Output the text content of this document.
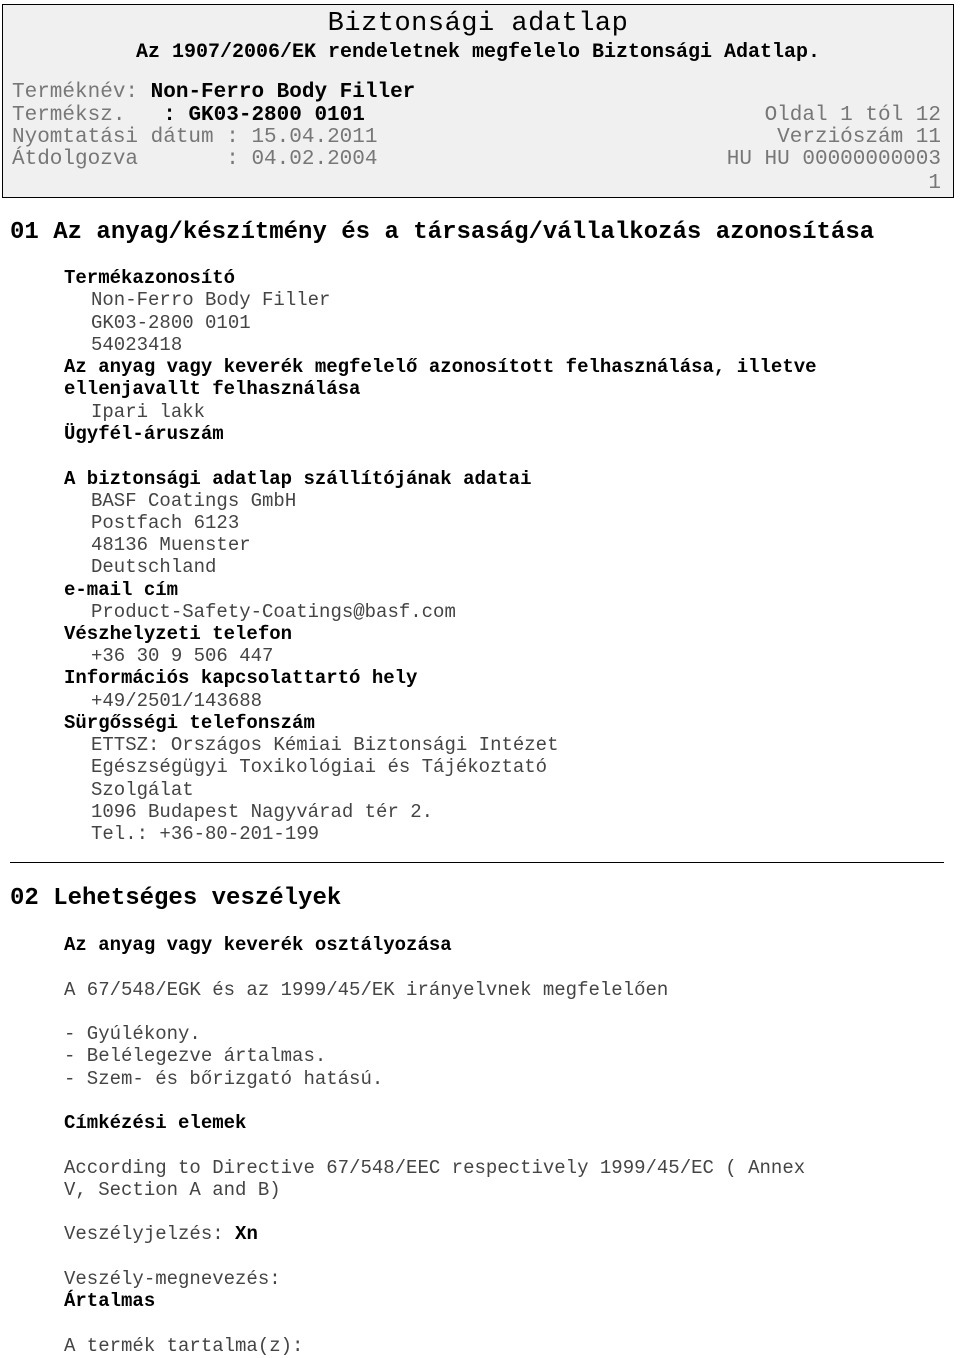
Biztonsági adatlap
Az 1907/2006/EK rendeletnek megfelelo Biztonsági Adatlap.
Terméknév: Non-Ferro Body Filler
Terméksz. : GK03-2800 0101	Oldal 1 tól 12
Nyomtatási dátum : 15.04.2011	Verziószám 11
Átdolgozva	: 04.02.2004	HU HU 00000000003
1
01 Az anyag/készítmény és a társaság/vállalkozás azonosítása
Termékazonosító
Non-Ferro Body Filler
GK03-2800 0101
54023418
Az anyag vagy keverék megfelelő azonosított felhasználása, illetve
ellenjavallt felhasználása
Ipari lakk
Ügyfél-áruszám
A biztonsági adatlap szállítójának adatai
BASF Coatings GmbH
Postfach 6123
48136 Muenster
Deutschland
e-mail cím
Product-Safety-Coatings@basf.com
Vészhelyzeti telefon
+36 30 9 506 447
Információs kapcsolattartó hely
+49/2501/143688
Sürgősségi telefonszám
ETTSZ: Országos Kémiai Biztonsági Intézet
Egészségügyi Toxikológiai és Tájékoztató
Szolgálat
1096 Budapest Nagyvárad tér 2.
Tel.: +36-80-201-199
02 Lehetséges veszélyek
Az anyag vagy keverék osztályozása
A 67/548/EGK és az 1999/45/EK irányelvnek megfelelően
- Gyúlékony.
- Belélegezve ártalmas.
- Szem- és bőrizgató hatású.
Címkézési elemek
According to Directive 67/548/EEC respectively 1999/45/EC ( Annex
V, Section A and B)
Veszélyjelzés: Xn
Veszély-megnevezés:
Ártalmas
A termék tartalma(z):
